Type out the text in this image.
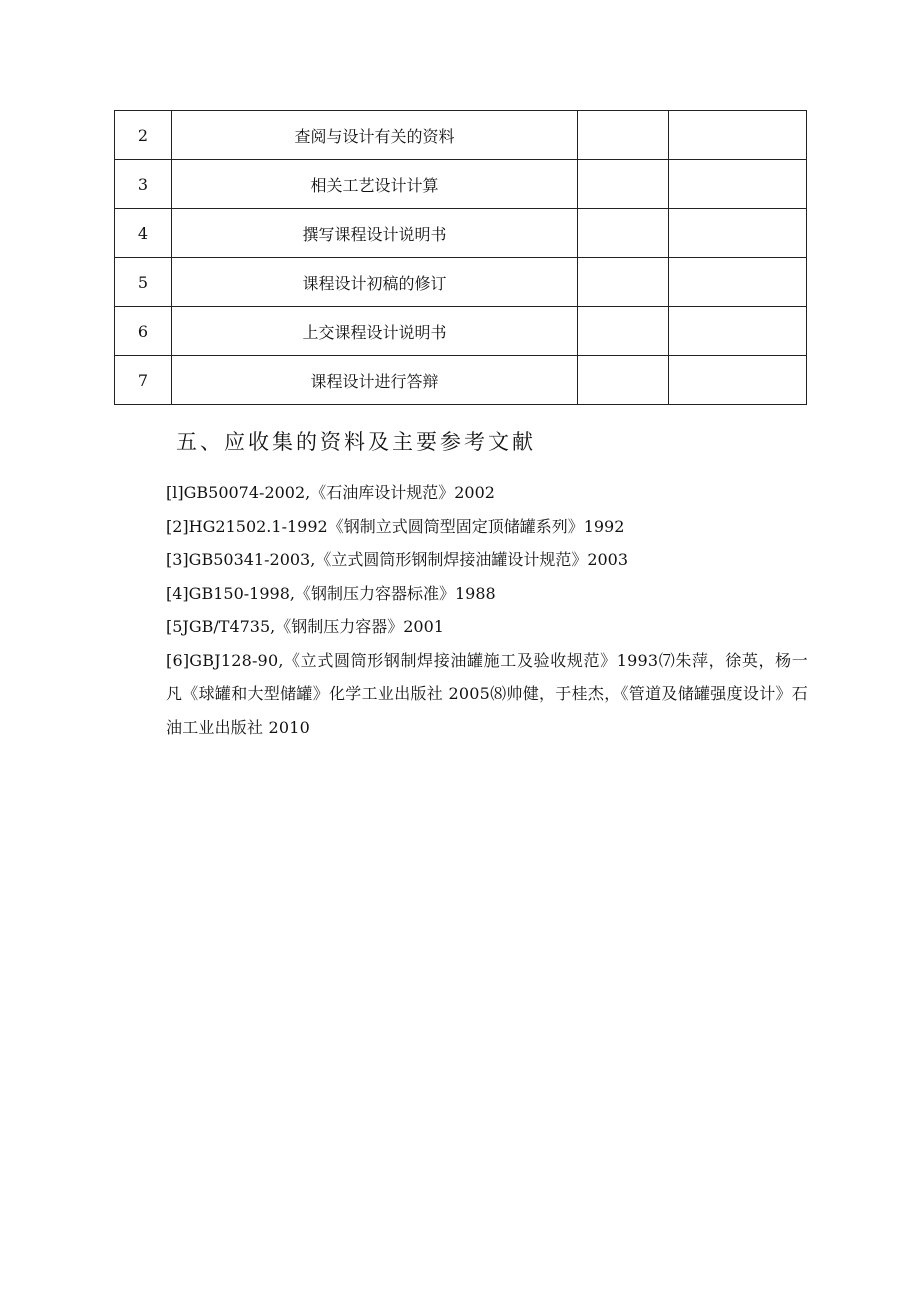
2	查阅与设计有关的资料		
3	相关工艺设计计算		
4	撰写课程设计说明书		
5	课程设计初稿的修订		
6	上交课程设计说明书		
7	课程设计进行答辩		
五、应收集的资料及主要参考文献
[l]GB50074-2002,《石油库设计规范》2002
[2]HG21502.1-1992《钢制立式圆筒型固定顶储罐系列》1992
[3]GB50341-2003,《立式圆筒形钢制焊接油罐设计规范》2003
[4]GB150-1998,《钢制压力容器标准》1988
[5JGB/T4735,《钢制压力容器》2001
[6]GBJ128-90,《立式圆筒形钢制焊接油罐施工及验收规范》1993⑺朱萍，徐英，杨一凡《球罐和大型储罐》化学工业出版社 2005⑻帅健，于桂杰，《管道及储罐强度设计》石油工业出版社 2010
